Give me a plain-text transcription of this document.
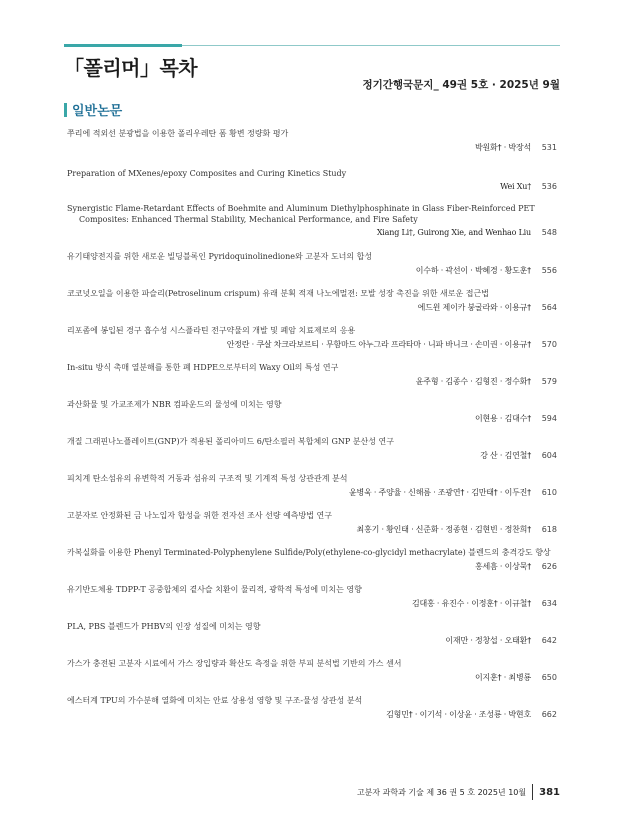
「폴리머」목차
정기간행국문지_ 49권 5호 · 2025년 9월
일반논문
쭈리에 적외선 분광법을 이용한 폴리우레탄 폼 황변 정량화 평가
박원화† · 박장석	531
Preparation of MXenes/epoxy Composites and Curing Kinetics Study
Wei Xu†	536
Synergistic Flame-Retardant Effects of Boehmite and Aluminum Diethylphosphinate in Glass Fiber-Reinforced PET Composites: Enhanced Thermal Stability, Mechanical Performance, and Fire Safety
Xiang Li†, Guirong Xie, and Wenhao Liu	548
유기태양전지를 위한 새로운 빌딩블록인 Pyridoquinolinedione와 고분자 도너의 합성
이수하 · 곽선이 · 박혜경 · 황도훈†	556
코코넛오일을 이용한 파슬리(Petroselinum crispum) 유래 분획 적재 나노에멀젼: 모발 성장 촉진을 위한 새로운 접근법
에드윈 제이카 붕굴라와 · 이용규†	564
리포좀에 봉입된 경구 흡수성 시스플라틴 전구약물의 개발 및 폐암 치료제로의 응용
안정란 · 쿠살 차크라보르티 · 무함마드 아누그라 프라타마 · 니파 바니크 · 손미권 · 이용규†	570
In-situ 방식 촉매 열분해를 통한 폐 HDPE으로부터의 Waxy Oil의 특성 연구
윤주형 · 김종수 · 김형진 · 정수화†	579
과산화물 및 가교조제가 NBR 컴파운드의 물성에 미치는 영향
이현용 · 김대수†	594
개질 그래핀나노플레이트(GNP)가 적용된 폴리아미드 6/탄소필러 복합체의 GNP 분산성 연구
강 산 · 김연철†	604
피치계 탄소섬유의 유변학적 거동과 섬유의 구조적 및 기계적 특성 상관관계 분석
윤병욱 · 주양율 · 신해름 · 조광연† · 김만태† · 이두진†	610
고분자로 안정화된 금 나노입자 합성을 위한 전자선 조사 선량 예측방법 연구
최홍기 · 황인태 · 신준화 · 정종현 · 김현빈 · 정찬희†	618
카복실화를 이용한 Phenyl Terminated-Polyphenylene Sulfide/Poly(ethylene-co-glycidyl methacrylate) 블렌드의 충격강도 향상
홍세흠 · 이상묵†	626
유기반도체용 TDPP-T 공중합체의 곁사슬 치환이 물리적, 광학적 특성에 미치는 영향
김대홍 · 유진수 · 이정훈† · 이규철†	634
PLA, PBS 블렌드가 PHBV의 인장 성질에 미치는 영향
이재만 · 정창섭 · 오태환†	642
가스가 충전된 고분자 시료에서 가스 장입량과 확산도 측정을 위한 부피 분석법 기반의 가스 센서
이지훈† · 최병룡	650
에스터계 TPU의 가수분해 열화에 미치는 안료 상용성 영향 및 구조-물성 상관성 분석
김형민† · 이기석 · 이상윤 · 조성룡 · 박현호	662
고분자 과학과 기술 제 36 권 5 호 2025년 10월 381
